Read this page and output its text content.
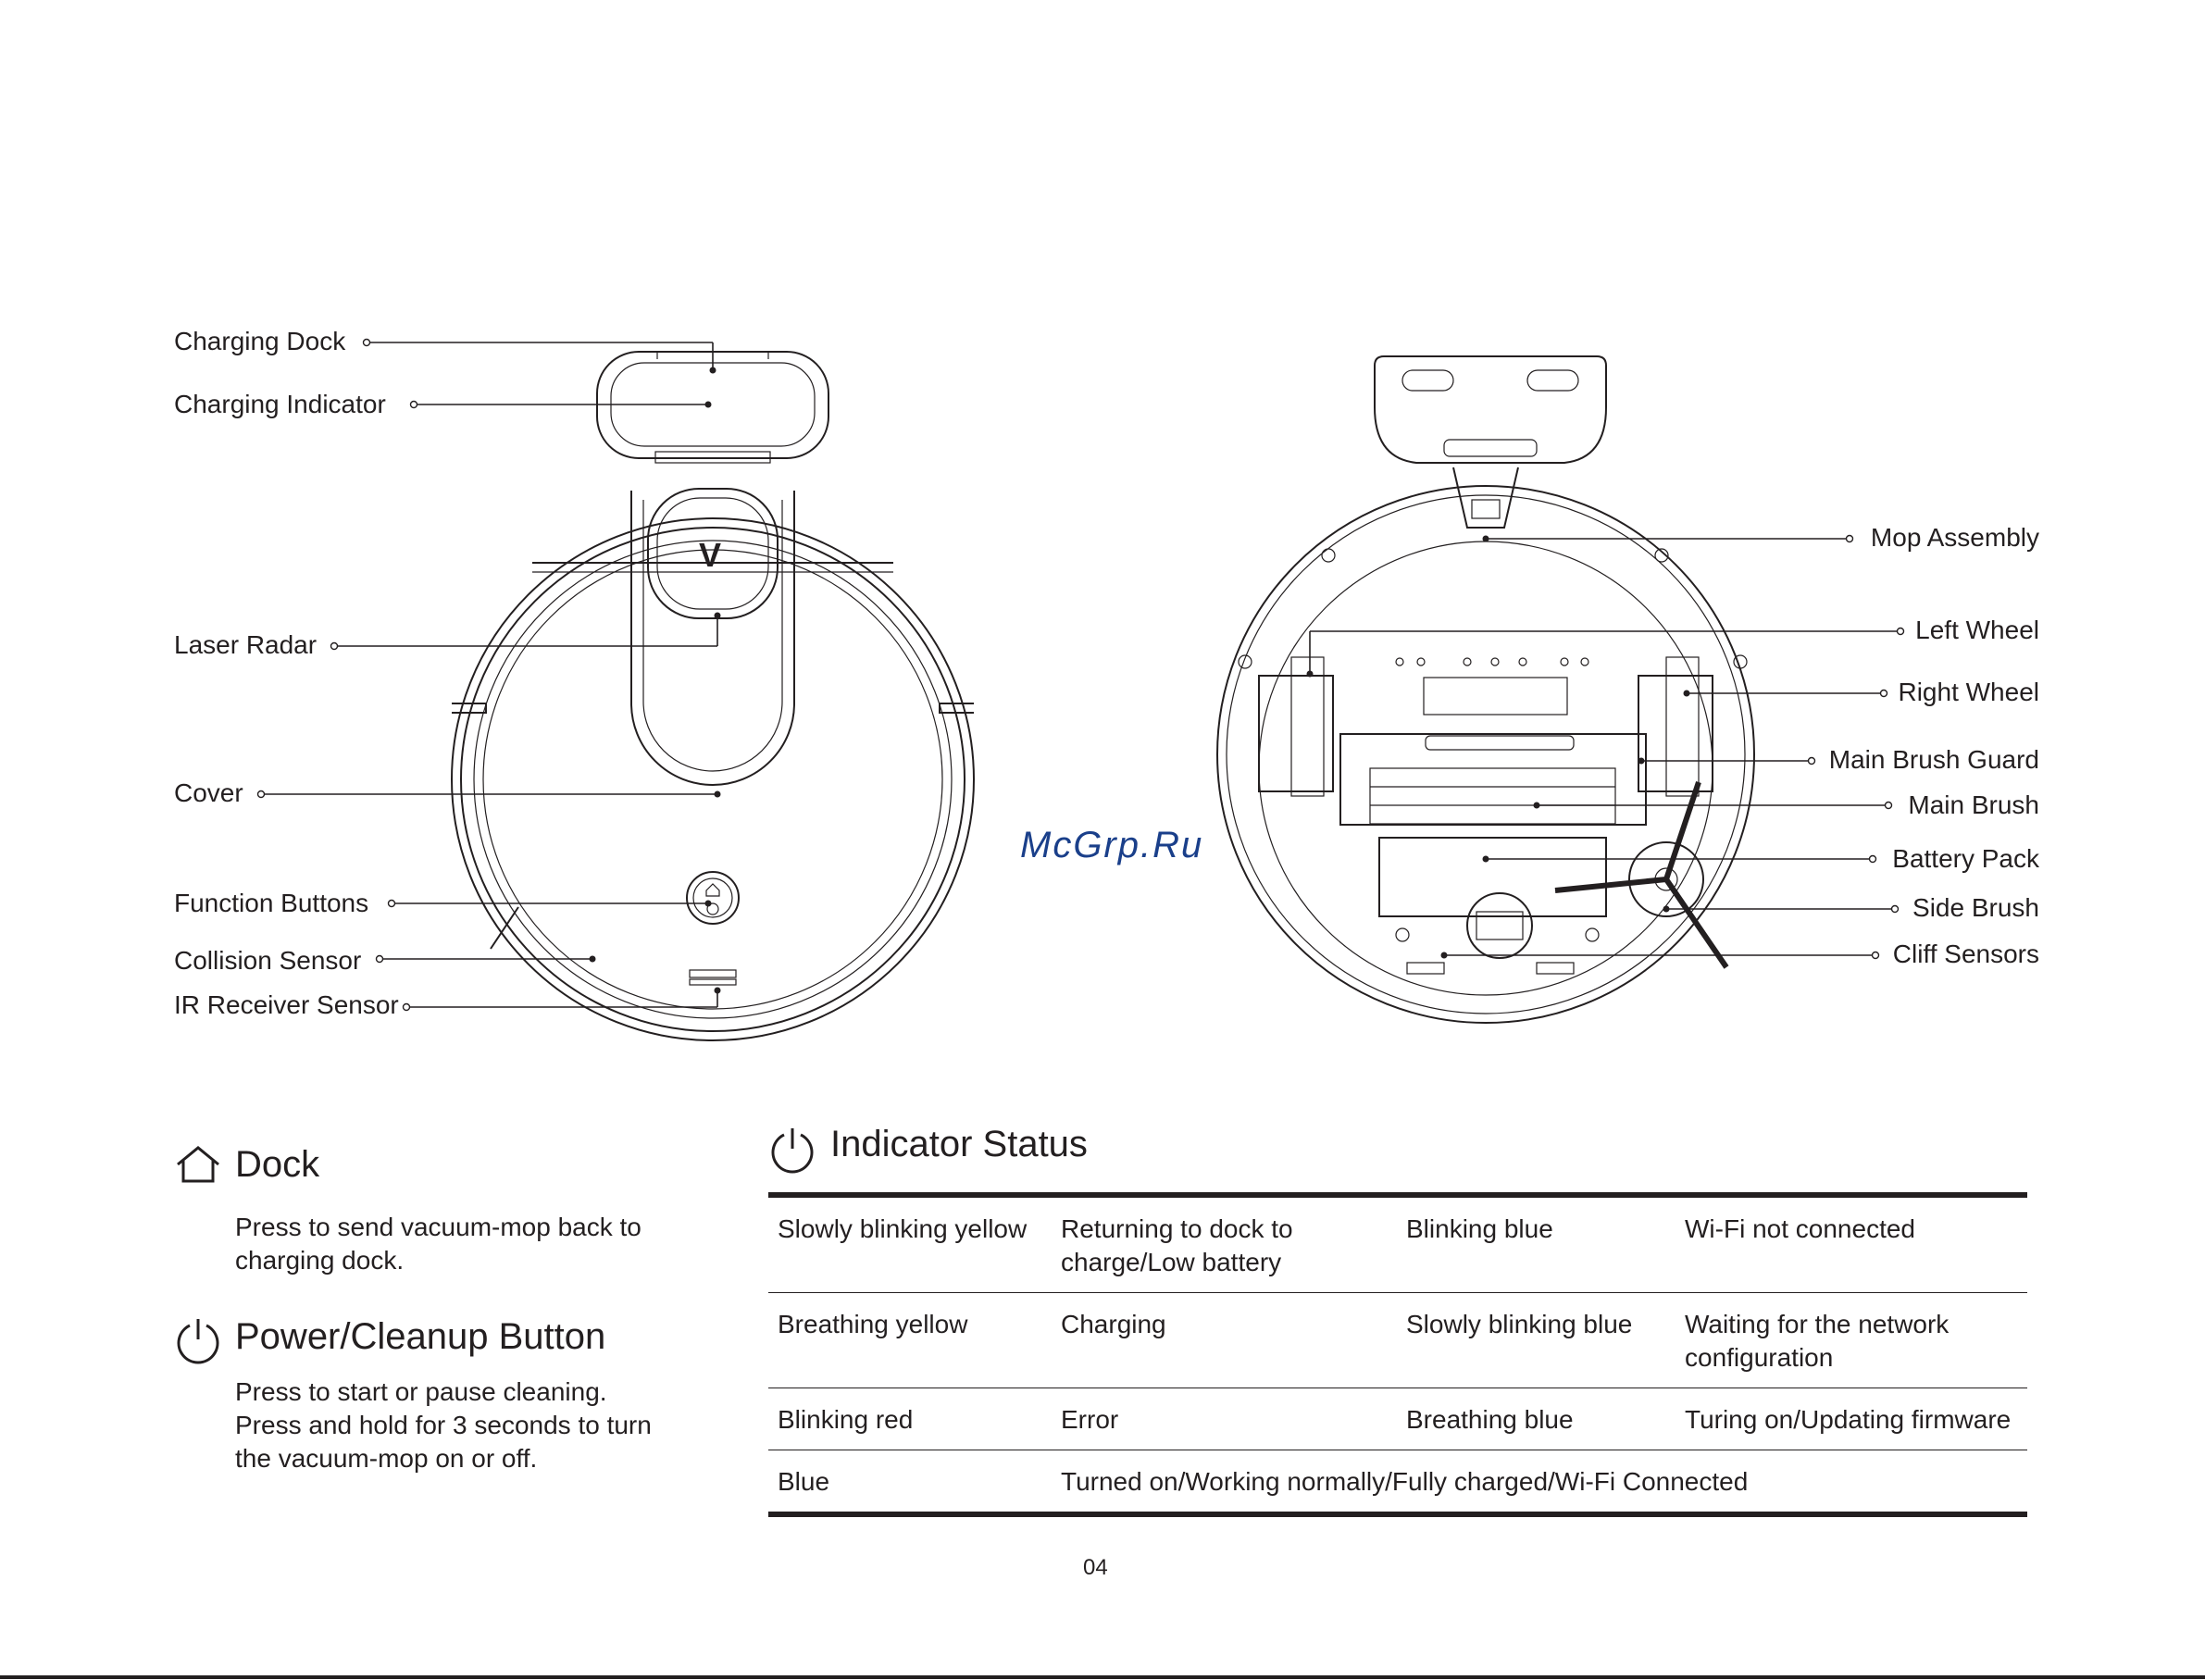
V
Charging Dock
Charging Indicator
Laser Radar
Cover
Function Buttons
Collision Sensor
IR Receiver Sensor
Mop Assembly
Left Wheel
Right Wheel
Main Brush Guard
Main Brush
Battery Pack
Side Brush
Cliff Sensors
McGrp.Ru
Dock
Press to send vacuum-mop back to
charging dock.
Power/Cleanup Button
Press to start or pause cleaning.
Press and hold for 3 seconds to turn
the vacuum-mop on or off.
Indicator Status
Slowly blinking yellow	Returning to dock to charge/Low battery	Blinking blue	Wi-Fi not connected
Breathing yellow	Charging	Slowly blinking blue	Waiting for the network configuration
Blinking red	Error	Breathing blue	Turing on/Updating firmware
Blue	Turned on/Working normally/Fully charged/Wi-Fi Connected		
04
